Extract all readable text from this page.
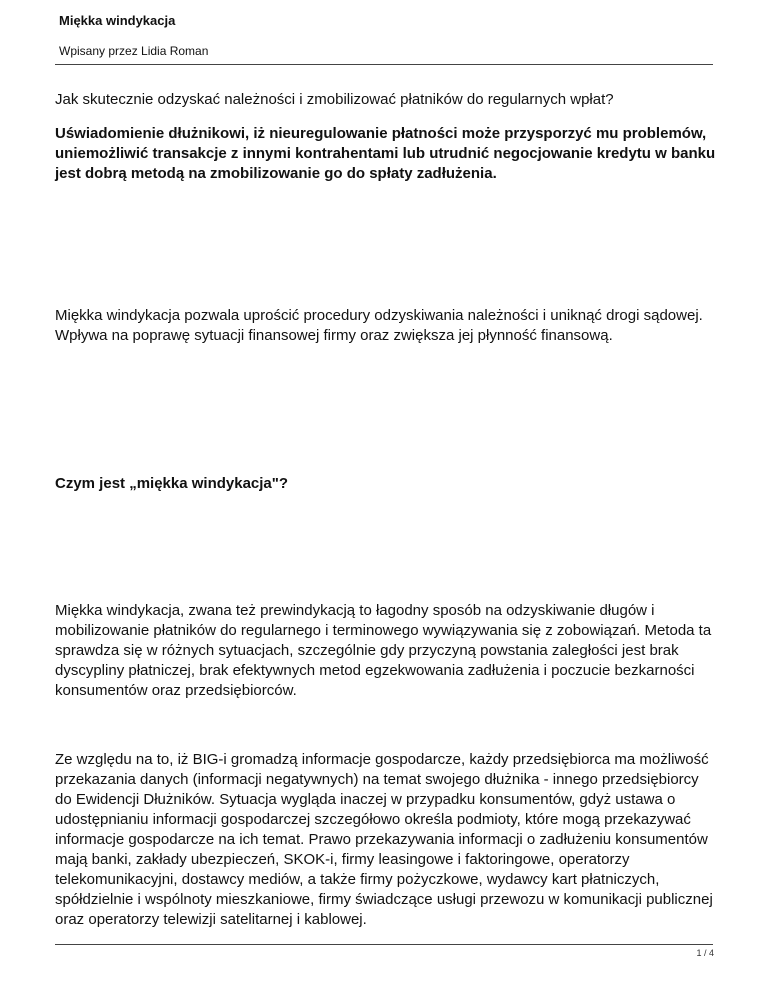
Miękka windykacja
Wpisany przez Lidia Roman

Jak skutecznie odzyskać należności i zmobilizować płatników do regularnych wpłat?

Uświadomienie dłużnikowi, iż nieuregulowanie płatności może przysporzyć mu problemów, uniemożliwić transakcje z innymi kontrahentami lub utrudnić negocjowanie kredytu w banku jest dobrą metodą na zmobilizowanie go do spłaty zadłużenia.

Miękka windykacja pozwala uprościć procedury odzyskiwania należności i uniknąć drogi sądowej. Wpływa na poprawę sytuacji finansowej firmy oraz zwiększa jej płynność finansową.

Czym jest „miękka windykacja"?

Miękka windykacja, zwana też prewindykacją to łagodny sposób na odzyskiwanie długów i mobilizowanie płatników do regularnego i terminowego wywiązywania się z zobowiązań. Metoda ta sprawdza się w różnych sytuacjach, szczególnie gdy przyczyną powstania zaległości jest brak dyscypliny płatniczej, brak efektywnych metod egzekwowania zadłużenia i poczucie bezkarności konsumentów oraz przedsiębiorców.

Ze względu na to, iż BIG-i gromadzą informacje gospodarcze, każdy przedsiębiorca ma możliwość przekazania danych (informacji negatywnych) na temat swojego dłużnika - innego przedsiębiorcy do Ewidencji Dłużników. Sytuacja wygląda inaczej w przypadku konsumentów, gdyż ustawa o udostępnianiu informacji gospodarczej szczegółowo określa podmioty, które mogą przekazywać informacje gospodarcze na ich temat. Prawo przekazywania informacji o zadłużeniu konsumentów mają banki, zakłady ubezpieczeń, SKOK-i, firmy leasingowe i faktoringowe, operatorzy telekomunikacyjni, dostawcy mediów, a także firmy pożyczkowe, wydawcy kart płatniczych, spółdzielnie i wspólnoty mieszkaniowe, firmy świadczące usługi przewozu w komunikacji publicznej oraz operatorzy telewizji satelitarnej i kablowej.

1 / 4
